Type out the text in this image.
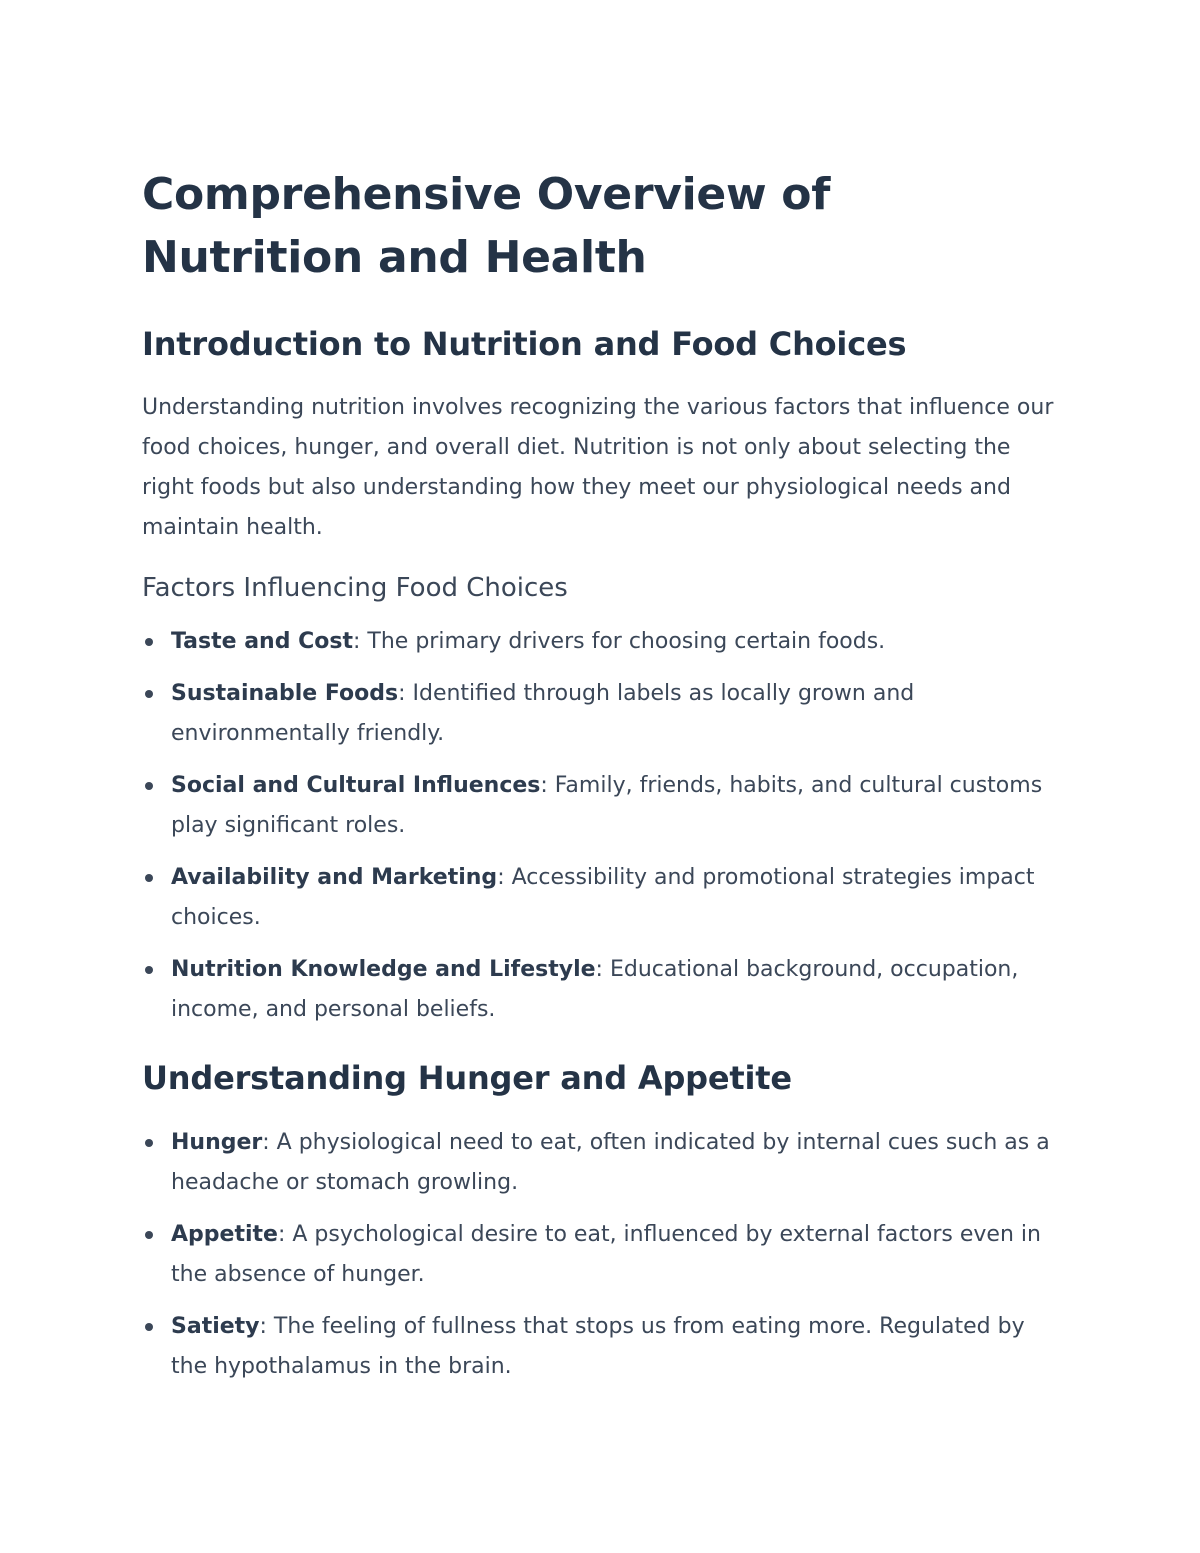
Comprehensive Overview of Nutrition and Health
Introduction to Nutrition and Food Choices

Understanding nutrition involves recognizing the various factors that influence our food choices, hunger, and overall diet. Nutrition is not only about selecting the right foods but also understanding how they meet our physiological needs and maintain health.

Factors Influencing Food Choices
Taste and Cost: The primary drivers for choosing certain foods.
Sustainable Foods: Identified through labels as locally grown and environmentally friendly.
Social and Cultural Influences: Family, friends, habits, and cultural customs play significant roles.
Availability and Marketing: Accessibility and promotional strategies impact choices.
Nutrition Knowledge and Lifestyle: Educational background, occupation, income, and personal beliefs.
Understanding Hunger and Appetite
Hunger: A physiological need to eat, often indicated by internal cues such as a headache or stomach growling.
Appetite: A psychological desire to eat, influenced by external factors even in the absence of hunger.
Satiety: The feeling of fullness that stops us from eating more. Regulated by the hypothalamus in the brain.
